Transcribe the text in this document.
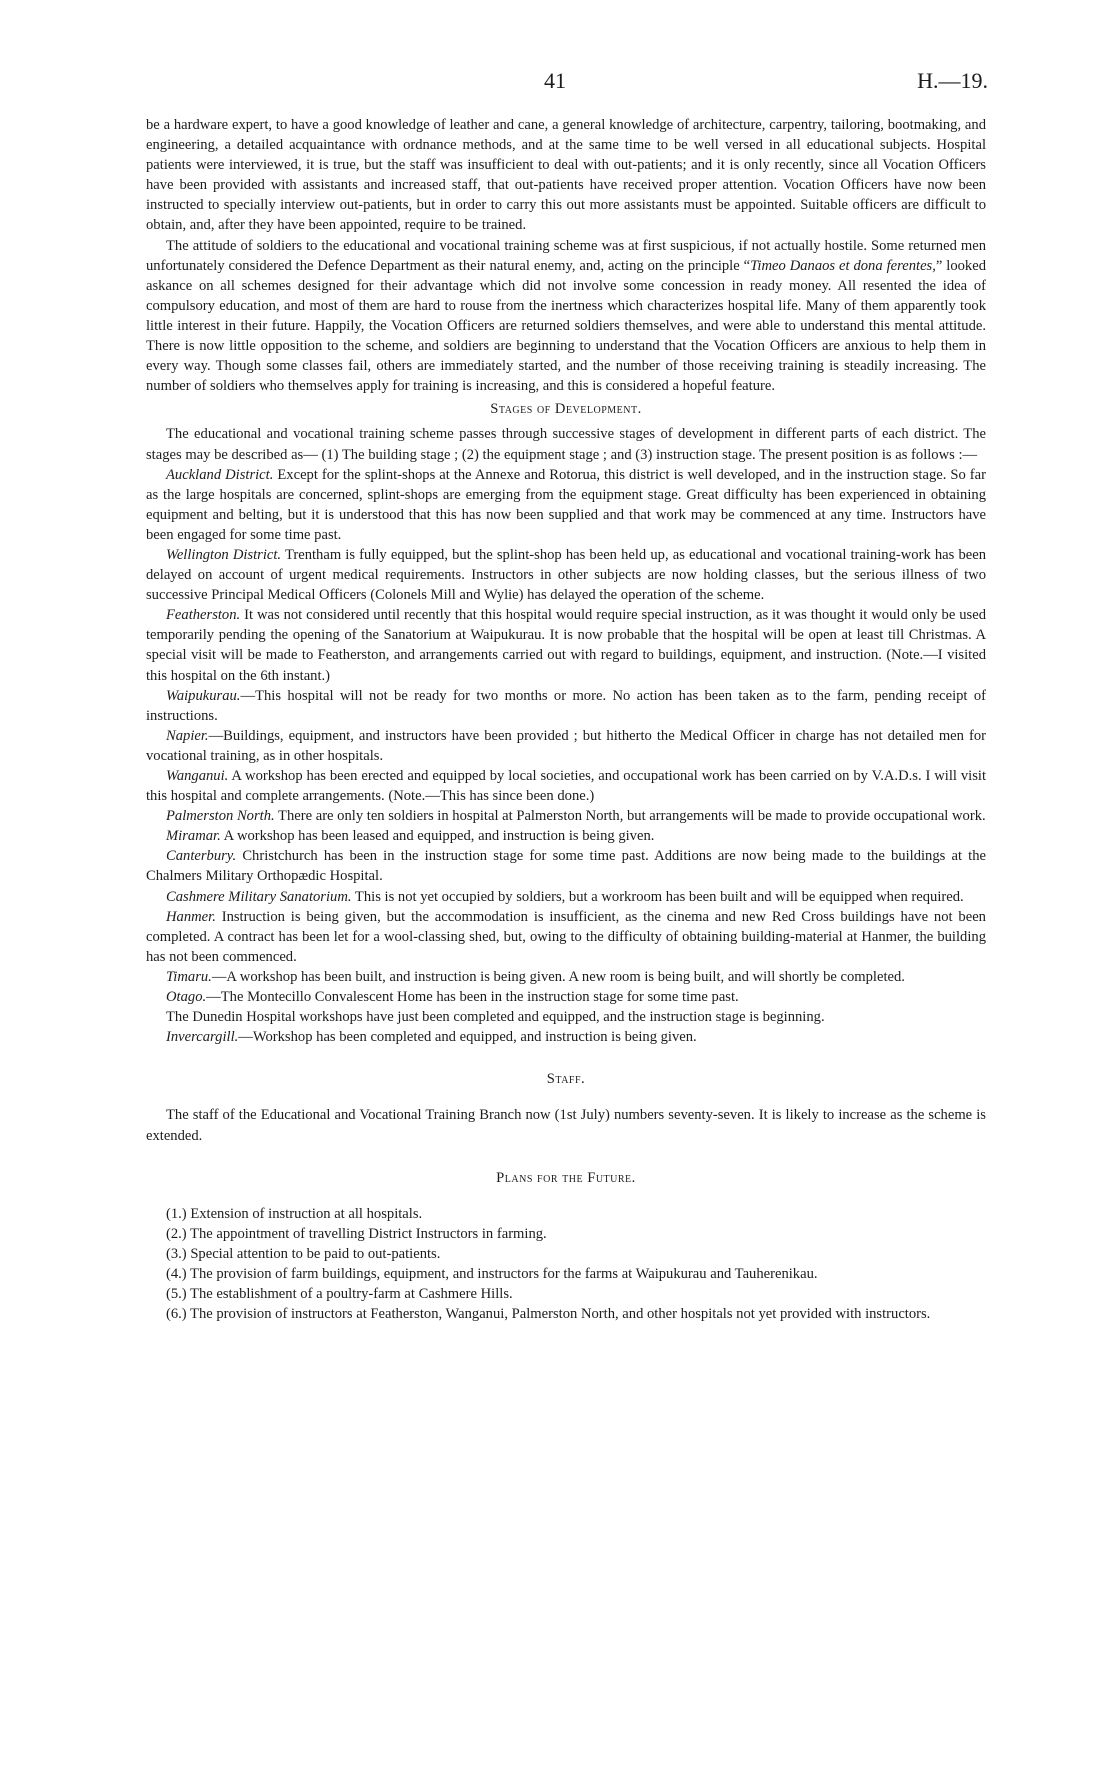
41	H.—19.

be a hardware expert, to have a good knowledge of leather and cane, a general knowledge of architecture, carpentry, tailoring, bootmaking, and engineering, a detailed acquaintance with ordnance methods, and at the same time to be well versed in all educational subjects. Hospital patients were interviewed, it is true, but the staff was insufficient to deal with out-patients; and it is only recently, since all Vocation Officers have been provided with assistants and increased staff, that out-patients have received proper attention. Vocation Officers have now been instructed to specially interview out-patients, but in order to carry this out more assistants must be appointed. Suitable officers are difficult to obtain, and, after they have been appointed, require to be trained.

The attitude of soldiers to the educational and vocational training scheme was at first suspicious, if not actually hostile. Some returned men unfortunately considered the Defence Department as their natural enemy, and, acting on the principle “Timeo Danaos et dona ferentes,” looked askance on all schemes designed for their advantage which did not involve some concession in ready money. All resented the idea of compulsory education, and most of them are hard to rouse from the inertness which characterizes hospital life. Many of them apparently took little interest in their future. Happily, the Vocation Officers are returned soldiers themselves, and were able to understand this mental attitude. There is now little opposition to the scheme, and soldiers are beginning to understand that the Vocation Officers are anxious to help them in every way. Though some classes fail, others are immediately started, and the number of those receiving training is steadily increasing. The number of soldiers who themselves apply for training is increasing, and this is considered a hopeful feature.

Stages of Development.

The educational and vocational training scheme passes through successive stages of development in different parts of each district. The stages may be described as— (1) The building stage ; (2) the equipment stage ; and (3) instruction stage. The present position is as follows :—

Auckland District. Except for the splint-shops at the Annexe and Rotorua, this district is well developed, and in the instruction stage. So far as the large hospitals are concerned, splint-shops are emerging from the equipment stage. Great difficulty has been experienced in obtaining equipment and belting, but it is understood that this has now been supplied and that work may be commenced at any time. Instructors have been engaged for some time past.

Wellington District. Trentham is fully equipped, but the splint-shop has been held up, as educational and vocational training-work has been delayed on account of urgent medical requirements. Instructors in other subjects are now holding classes, but the serious illness of two successive Principal Medical Officers (Colonels Mill and Wylie) has delayed the operation of the scheme.

Featherston. It was not considered until recently that this hospital would require special instruction, as it was thought it would only be used temporarily pending the opening of the Sanatorium at Waipukurau. It is now probable that the hospital will be open at least till Christmas. A special visit will be made to Featherston, and arrangements carried out with regard to buildings, equipment, and instruction. (Note.—I visited this hospital on the 6th instant.)

Waipukurau.—This hospital will not be ready for two months or more. No action has been taken as to the farm, pending receipt of instructions.

Napier.—Buildings, equipment, and instructors have been provided ; but hitherto the Medical Officer in charge has not detailed men for vocational training, as in other hospitals.

Wanganui. A workshop has been erected and equipped by local societies, and occupational work has been carried on by V.A.D.s. I will visit this hospital and complete arrangements. (Note.—This has since been done.)

Palmerston North. There are only ten soldiers in hospital at Palmerston North, but arrangements will be made to provide occupational work.

Miramar. A workshop has been leased and equipped, and instruction is being given.

Canterbury. Christchurch has been in the instruction stage for some time past. Additions are now being made to the buildings at the Chalmers Military Orthopædic Hospital.

Cashmere Military Sanatorium. This is not yet occupied by soldiers, but a workroom has been built and will be equipped when required.

Hanmer. Instruction is being given, but the accommodation is insufficient, as the cinema and new Red Cross buildings have not been completed. A contract has been let for a wool-classing shed, but, owing to the difficulty of obtaining building-material at Hanmer, the building has not been commenced.

Timaru.—A workshop has been built, and instruction is being given. A new room is being built, and will shortly be completed.

Otago.—The Montecillo Convalescent Home has been in the instruction stage for some time past.

The Dunedin Hospital workshops have just been completed and equipped, and the instruction stage is beginning.

Invercargill.—Workshop has been completed and equipped, and instruction is being given.

Staff.

The staff of the Educational and Vocational Training Branch now (1st July) numbers seventy-seven. It is likely to increase as the scheme is extended.

Plans for the Future.

(1.) Extension of instruction at all hospitals.

(2.) The appointment of travelling District Instructors in farming.

(3.) Special attention to be paid to out-patients.

(4.) The provision of farm buildings, equipment, and instructors for the farms at Waipukurau and Tauherenikau.

(5.) The establishment of a poultry-farm at Cashmere Hills.

(6.) The provision of instructors at Featherston, Wanganui, Palmerston North, and other hospitals not yet provided with instructors.
